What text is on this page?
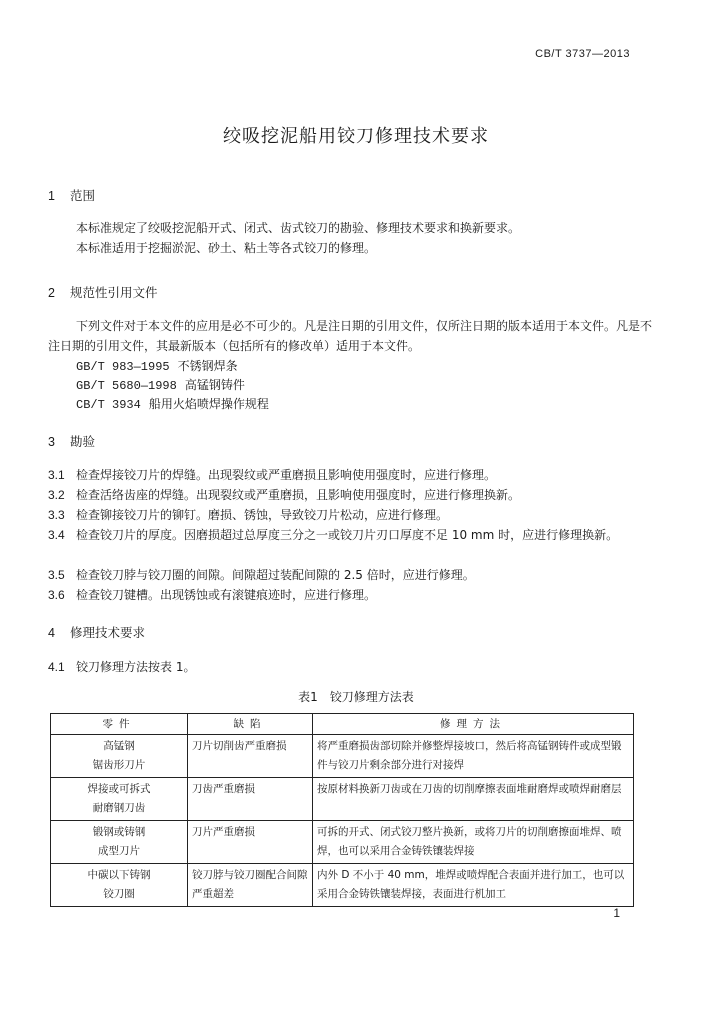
CB/T 3737—2013
绞吸挖泥船用铰刀修理技术要求
1 范围
本标准规定了绞吸挖泥船开式、闭式、齿式铰刀的勘验、修理技术要求和换新要求。
本标准适用于挖掘淤泥、砂土、粘土等各式铰刀的修理。
2 规范性引用文件
下列文件对于本文件的应用是必不可少的。凡是注日期的引用文件，仅所注日期的版本适用于本文件。凡是不注日期的引用文件，其最新版本（包括所有的修改单）适用于本文件。
GB/T 983—1995 不锈钢焊条
GB/T 5680—1998 高锰钢铸件
CB/T 3934 船用火焰喷焊操作规程
3 勘验
3.1 检查焊接铰刀片的焊缝。出现裂纹或严重磨损且影响使用强度时，应进行修理。
3.2 检查活络齿座的焊缝。出现裂纹或严重磨损，且影响使用强度时，应进行修理换新。
3.3 检查铆接铰刀片的铆钉。磨损、锈蚀，导致铰刀片松动，应进行修理。
3.4 检查铰刀片的厚度。因磨损超过总厚度三分之一或铰刀片刃口厚度不足 10 mm 时，应进行修理换新。
3.5 检查铰刀脖与铰刀圈的间隙。间隙超过装配间隙的 2.5 倍时，应进行修理。
3.6 检查铰刀键槽。出现锈蚀或有滚键痕迹时，应进行修理。
4 修理技术要求
4.1 铰刀修理方法按表 1。
表1　铰刀修理方法表
零件	缺陷	修理方法

高锰钢
锯齿形刀片	刀片切削齿严重磨损	将严重磨损齿部切除并修整焊接坡口，然后将高锰钢铸件或成型锻件与铰刀片剩余部分进行对接焊

焊接或可拆式
耐磨钢刀齿	刀齿严重磨损	按原材料换新刀齿或在刀齿的切削摩擦表面堆耐磨焊或喷焊耐磨层

锻钢或铸钢
成型刀片	刀片严重磨损	可拆的开式、闭式铰刀整片换新，或将刀片的切削磨擦面堆焊、喷焊，也可以采用合金铸铁镶装焊接

中碳以下铸钢
铰刀圈	铰刀脖与铰刀圈配合间隙严重超差	内外 D 不小于 40 mm，堆焊或喷焊配合表面并进行加工，也可以采用合金铸铁镶装焊接，表面进行机加工
1
